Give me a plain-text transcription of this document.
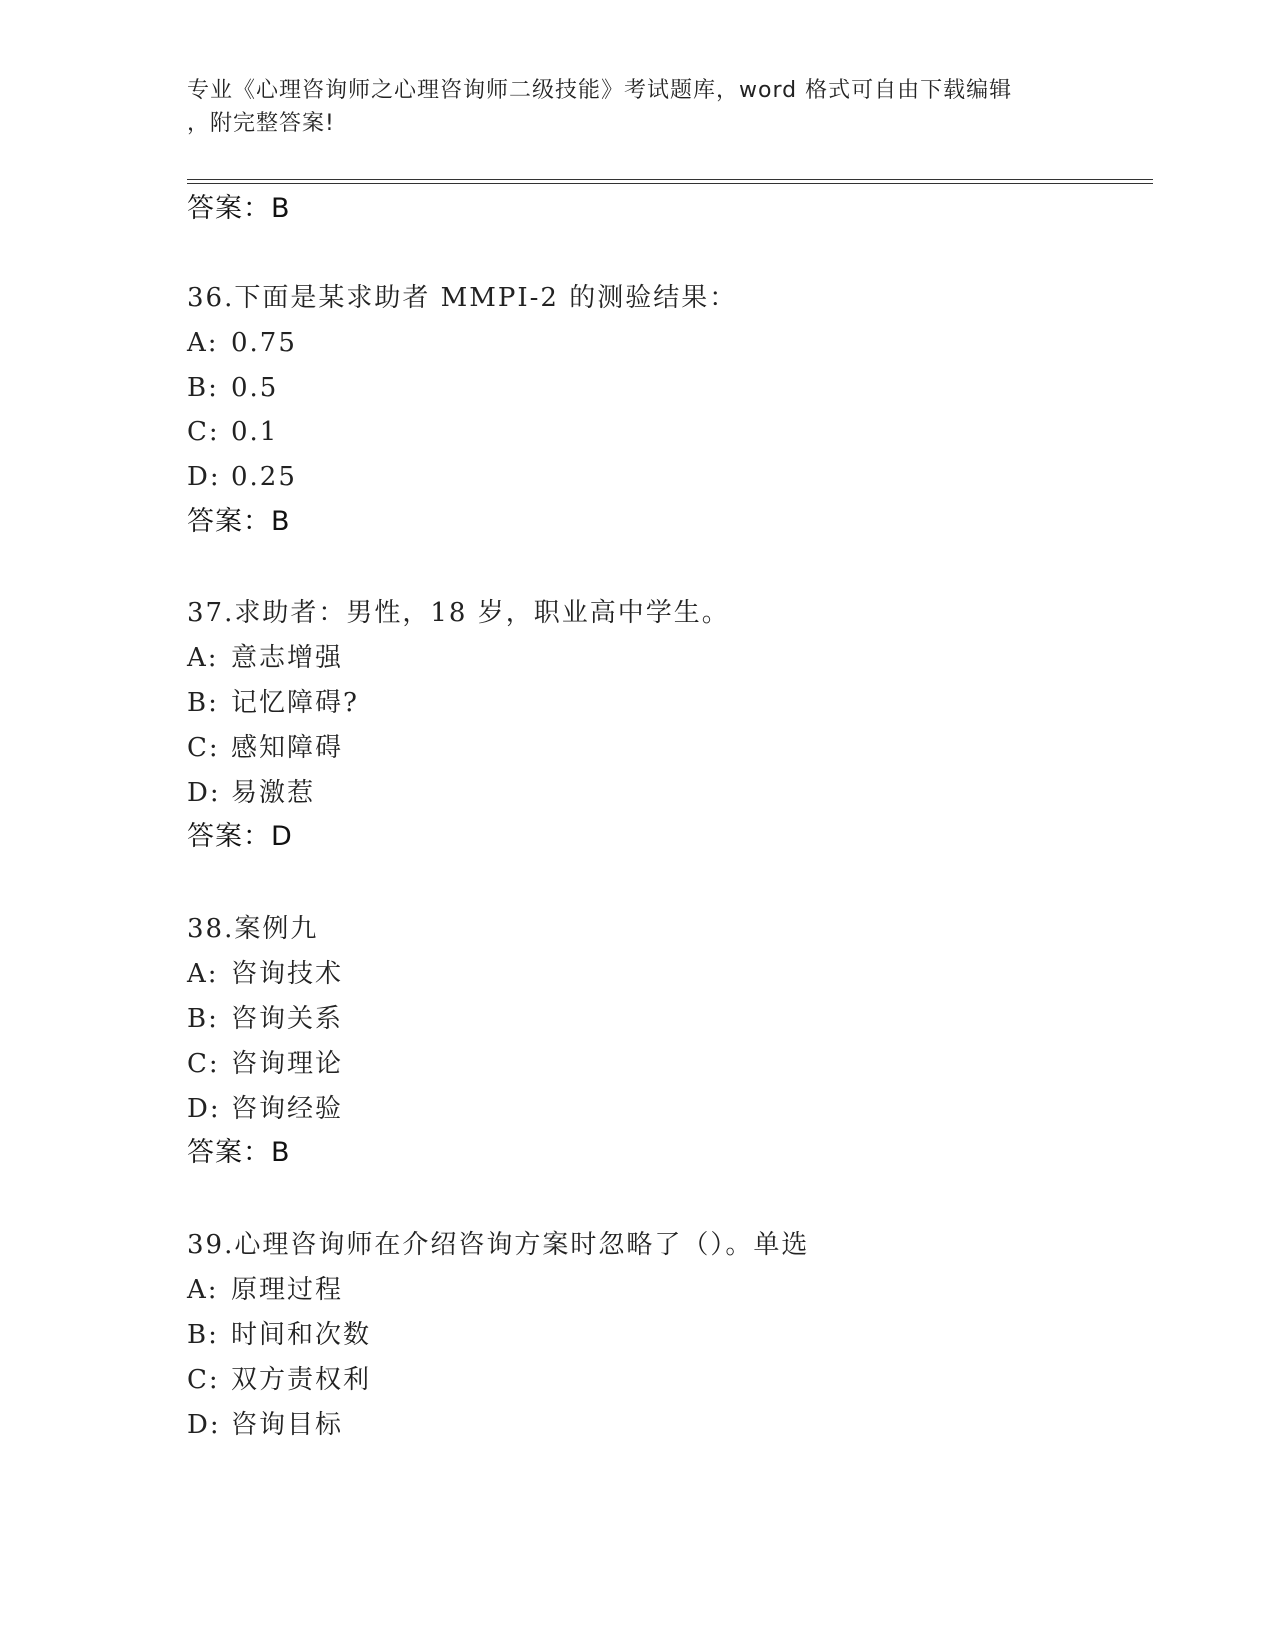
专业《心理咨询师之心理咨询师二级技能》考试题库，word 格式可自由下载编辑
，附完整答案!
答案：B
36.下面是某求助者 MMPI-2 的测验结果：
A: 0.75
B: 0.5
C: 0.1
D: 0.25
答案：B
37.求助者：男性，18 岁，职业高中学生。
A: 意志增强
B: 记忆障碍?
C: 感知障碍
D: 易激惹
答案：D
38.案例九
A: 咨询技术
B: 咨询关系
C: 咨询理论
D: 咨询经验
答案：B
39.心理咨询师在介绍咨询方案时忽略了（）。单选
A: 原理过程
B: 时间和次数
C: 双方责权利
D: 咨询目标
